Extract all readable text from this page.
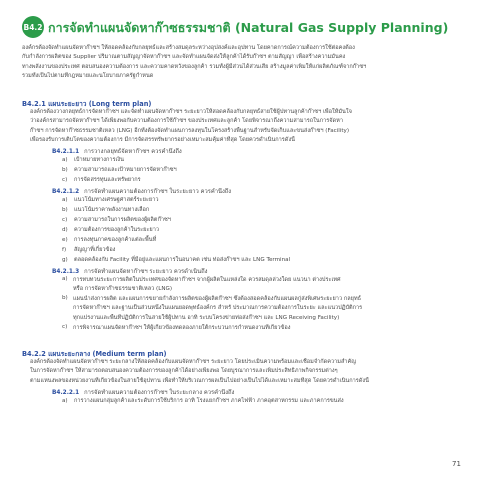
B4.2 การจัดทำแผนจัดหาก๊าซธรรมชาติ (Natural Gas Supply Planning)
องค์กรต้องจัดทำแผนจัดหาก๊าซฯ ให้สอดคล้องกับกลยุทธ์และสร้างสมดุลระหว่างอุปสงค์และอุปทาน โดยคาดการณ์ความต้องการใช้ต่อคงต้อง
กับกำลังการผลิตของ Supplier ปริมาณตามสัญญาจัดหาก๊าซฯ และจัดทำแผนจัดส่งให้ลูกค้าได้รับก๊าซฯ ตามสัญญา เพื่อสร้างความมั่นคง
ทางพลังงานของประเทศ ตอบสนองความต้องการ และความคาดหวังของลูกค้า รวมทั้งผู้มีส่วนได้ส่วนเสีย สร้างมูลค่าเพิ่มให้แก่ผลิตภัณฑ์จากก๊าซฯ
รวมทั้งเป็นไปตามที่กฎหมายและนโยบายภาครัฐกำหนด
B4.2.1 แผนระยะยาว (Long term plan)
องค์กรต้องวางกลยุทธ์การจัดหาก๊าซฯ และจัดทำแผนจัดหาก๊าซฯ ระยะยาวให้สอดคล้องกับกลยุทธ์สายใช้ผู้ปทานลูกค้าก๊าซฯ เพื่อให้มั่นใจ
ว่าองค์กรสามารถจัดหาก๊าซฯ ได้เพียงพอกับความต้องการใช้ก๊าซฯ ของประเทศและลูกค้า โดยพิจารณาถึงความสามารถในการจัดหา
ก๊าซฯ การจัดหาก๊าซธรรมชาติเหลว (LNG) อีกทั้งต้องจัดทำแผนการลงทุนในโครงสร้างพื้นฐานสำหรับจัดเก็บและขนส่งก๊าซฯ (Facility)
เพื่อรองรับการเติบโตของความต้องการ มีการจัดสรรทรัพยากรอย่างเหมาะสมคุ้มค่าที่สุด โดยควรดำเนินการดังนี้
B4.2.1.1 การวางกลยุทธ์จัดหาก๊าซฯ ควรคำนึงถึง
a) เป้าหมายทางการเงิน
b) ความสามารถและเป้าหมายการจัดหาก๊าซฯ
c) การจัดสรรทุนและทรัพยากร
B4.2.1.2 การจัดทำแผนความต้องการก๊าซฯ ในระยะยาว ควรคำนึงถึง
a) แนวโน้มทางเศรษฐศาสตร์ระยะยาว
b) แนวโน้มราคาพลังงานทางเลือก
c) ความสามารถในการผลิตของผู้ผลิตก๊าซฯ
d) ความต้องการของลูกค้าในระยะยาว
e) การลงทุนภาคของลูกค้าแต่ละพื้นที่
f) สัญญาที่เกี่ยวข้อง
g) ตลอดคล้องกับ Facility ที่มีอยู่และแผนการในอนาคต เช่น ท่อส่งก๊าซฯ และ LNG Terminal
B4.2.1.3 การจัดทำแผนจัดหาก๊าซฯ ระยะยาว ควรดำเนินถึง
a) การทบทวนระยะการผลิตในประเทศของจัดหาก๊าซฯ จากผู้ผลิตในแหล่งใด ควรสมดุลล่วงใดย แนวนา ต่างประเทศ
หรือ การจัดหาก๊าซธรรมชาติเหลว (LNG)
b) แผนนำส่งการผลิต และแผนการขยายกำลังการผลิตของผู้ผลิตก๊าซฯ ซึ่งต้องสอดคล้องกับแผนผลกู่ส่งพิเศษระยะยาว กลยุทธ์
การจัดหาก๊าซฯ และฐานเป็นส่วนหนึ่งในแผนยอดพุทธ์องค์กร สำหรั ประมาณการความต้องการในระยะ และแนวปฏิบัติการ
ทุกแปรงานและพื้นที่ปฏิบัติการในสายใช้ผู้ปทาน อาทิ ระบบโครงข่ายท่อส่งก๊าซฯ และ LNG Receiving Facility)
c)	การพิจารณาแผนจัดหาก๊าซฯ ให้ผู้เกี่ยวข้องทดลองภายใต้กระบวนการกำหนดงานที่เกี่ยวข้อง
B4.2.2 แผนระยะกลาง (Medium term plan)
องค์กรต้องจัดทำแผนจัดหาก๊าซฯ ระยะกลางให้สอดคล้องกับแผนจัดหาก๊าซฯ ระยะยาว โดยประเมินความพร้อมและเชื่อมจำกัดความสำคัญ
ในการจัดหาก๊าซฯ ให้สามารถตอบสนองความต้องการของลูกค้าได้อย่างเพียงพอ โดยบูรณาการและเพิ่มประสิทธิภาพกิจกรรมต่างๆ
ตามแหนงพลของหน่วยงานที่เกี่ยวข้องในสายใช้อุปทาน เพื่อทำให้บริเวณการผลเป็นไปอย่างเป็นไปได้และเหมาะสมที่สุด โดยควรดำเนินการดังนี้
B4.2.2.1 การจัดทำแผนความต้องการก๊าซฯ ในระยะกลาง ควรคำนึงถึง
a) การวางแผนกลุ่มลูกค้าและระดับการใช้บริการ อาทิ โรงแยกก๊าซฯ ภาคไฟฟ้า ภาคอุตสาหกรรม และภาคการขนส่ง
71
